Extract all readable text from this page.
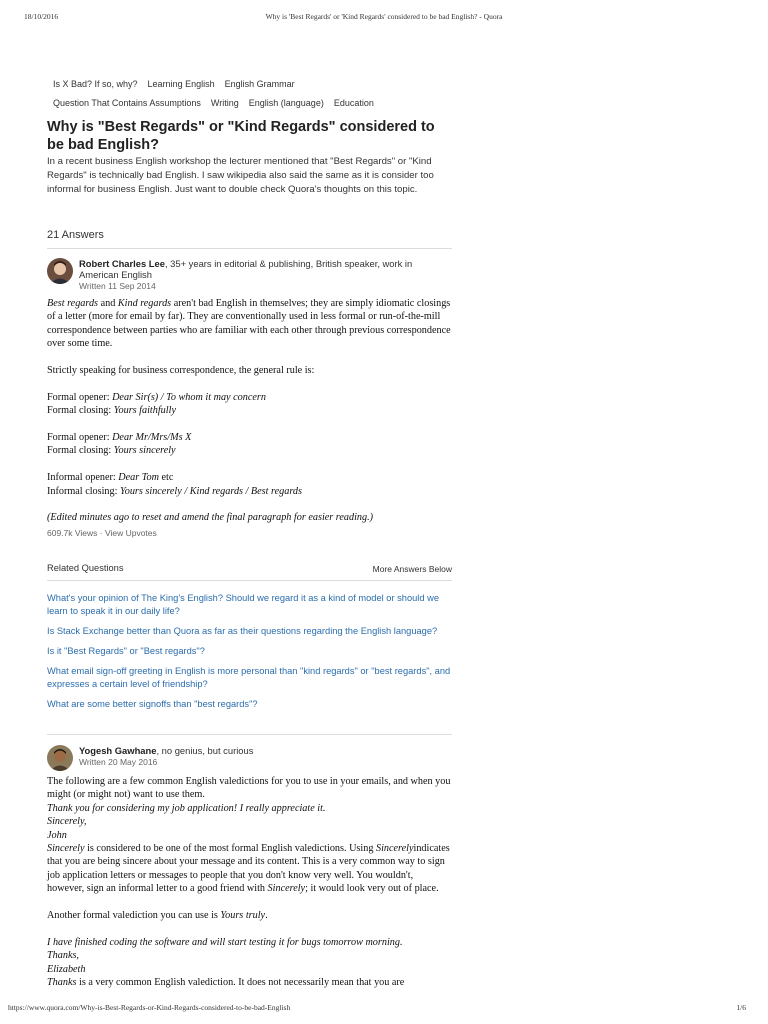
18/10/2016	Why is 'Best Regards' or 'Kind Regards' considered to be bad English? - Quora
Is X Bad? If so, why? Learning English English Grammar
Question That Contains Assumptions Writing English (language) Education
Why is "Best Regards" or "Kind Regards" considered to be bad English?
In a recent business English workshop the lecturer mentioned that "Best Regards" or "Kind Regards" is technically bad English. I saw wikipedia also said the same as it is consider too informal for business English. Just want to double check Quora's thoughts on this topic.
21 Answers
Robert Charles Lee, 35+ years in editorial & publishing, British speaker, work in American English
Written 11 Sep 2014

Best regards and Kind regards aren't bad English in themselves; they are simply idiomatic closings of a letter (more for email by far). They are conventionally used in less formal or run-of-the-mill correspondence between parties who are familiar with each other through previous correspondence over some time.

Strictly speaking for business correspondence, the general rule is:

Formal opener: Dear Sir(s) / To whom it may concern

Formal closing: Yours faithfully

Formal opener: Dear Mr/Mrs/Ms X

Formal closing: Yours sincerely

Informal opener: Dear Tom etc

Informal closing: Yours sincerely / Kind regards / Best regards

(Edited minutes ago to reset and amend the final paragraph for easier reading.)

609.7k Views · View Upvotes
Related Questions	More Answers Below
What's your opinion of The King's English? Should we regard it as a kind of model or should we learn to speak it in our daily life?
Is Stack Exchange better than Quora as far as their questions regarding the English language?
Is it "Best Regards" or "Best regards"?
What email sign-off greeting in English is more personal than "kind regards" or "best regards", and expresses a certain level of friendship?
What are some better signoffs than "best regards"?
Yogesh Gawhane, no genius, but curious
Written 20 May 2016

The following are a few common English valedictions for you to use in your emails, and when you might (or might not) want to use them.

Thank you for considering my job application! I really appreciate it.

Sincerely,

John

Sincerely is considered to be one of the most formal English valedictions. Using Sincerelyindicates that you are being sincere about your message and its content. This is a very common way to sign job application letters or messages to people that you don't know very well. You wouldn't, however, sign an informal letter to a good friend with Sincerely; it would look very out of place.

Another formal valediction you can use is Yours truly.

I have finished coding the software and will start testing it for bugs tomorrow morning.

Thanks,

Elizabeth

Thanks is a very common English valediction. It does not necessarily mean that you are

https://www.quora.com/Why-is-Best-Regards-or-Kind-Regards-considered-to-be-bad-English	1/6
